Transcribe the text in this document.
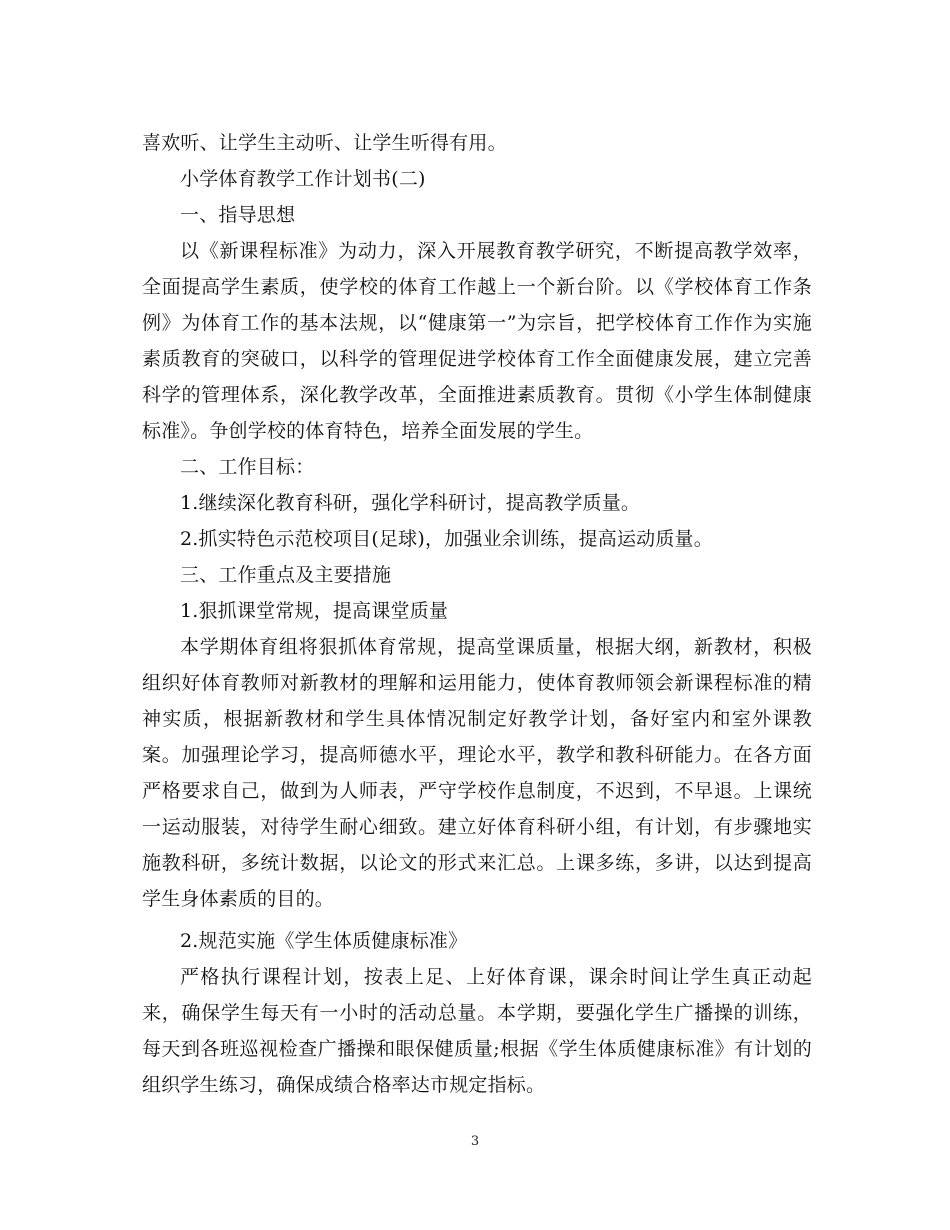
喜欢听、让学生主动听、让学生听得有用。

小学体育教学工作计划书(二)

一、指导思想

以《新课程标准》为动力，深入开展教育教学研究，不断提高教学效率，全面提高学生素质，使学校的体育工作越上一个新台阶。以《学校体育工作条例》为体育工作的基本法规，以“健康第一”为宗旨，把学校体育工作作为实施素质教育的突破口，以科学的管理促进学校体育工作全面健康发展，建立完善科学的管理体系，深化教学改革，全面推进素质教育。贯彻《小学生体制健康标准》。争创学校的体育特色，培养全面发展的学生。

二、工作目标：

1.继续深化教育科研，强化学科研讨，提高教学质量。

2.抓实特色示范校项目(足球)，加强业余训练，提高运动质量。

三、工作重点及主要措施

1.狠抓课堂常规，提高课堂质量

本学期体育组将狠抓体育常规，提高堂课质量，根据大纲，新教材，积极组织好体育教师对新教材的理解和运用能力，使体育教师领会新课程标准的精神实质，根据新教材和学生具体情况制定好教学计划，备好室内和室外课教案。加强理论学习，提高师德水平，理论水平，教学和教科研能力。在各方面严格要求自己，做到为人师表，严守学校作息制度，不迟到，不早退。上课统一运动服装，对待学生耐心细致。建立好体育科研小组，有计划，有步骤地实施教科研，多统计数据，以论文的形式来汇总。上课多练，多讲，以达到提高学生身体素质的目的。

2.规范实施《学生体质健康标准》

严格执行课程计划，按表上足、上好体育课，课余时间让学生真正动起来，确保学生每天有一小时的活动总量。本学期，要强化学生广播操的训练，每天到各班巡视检查广播操和眼保健质量;根据《学生体质健康标准》有计划的组织学生练习，确保成绩合格率达市规定指标。

3
